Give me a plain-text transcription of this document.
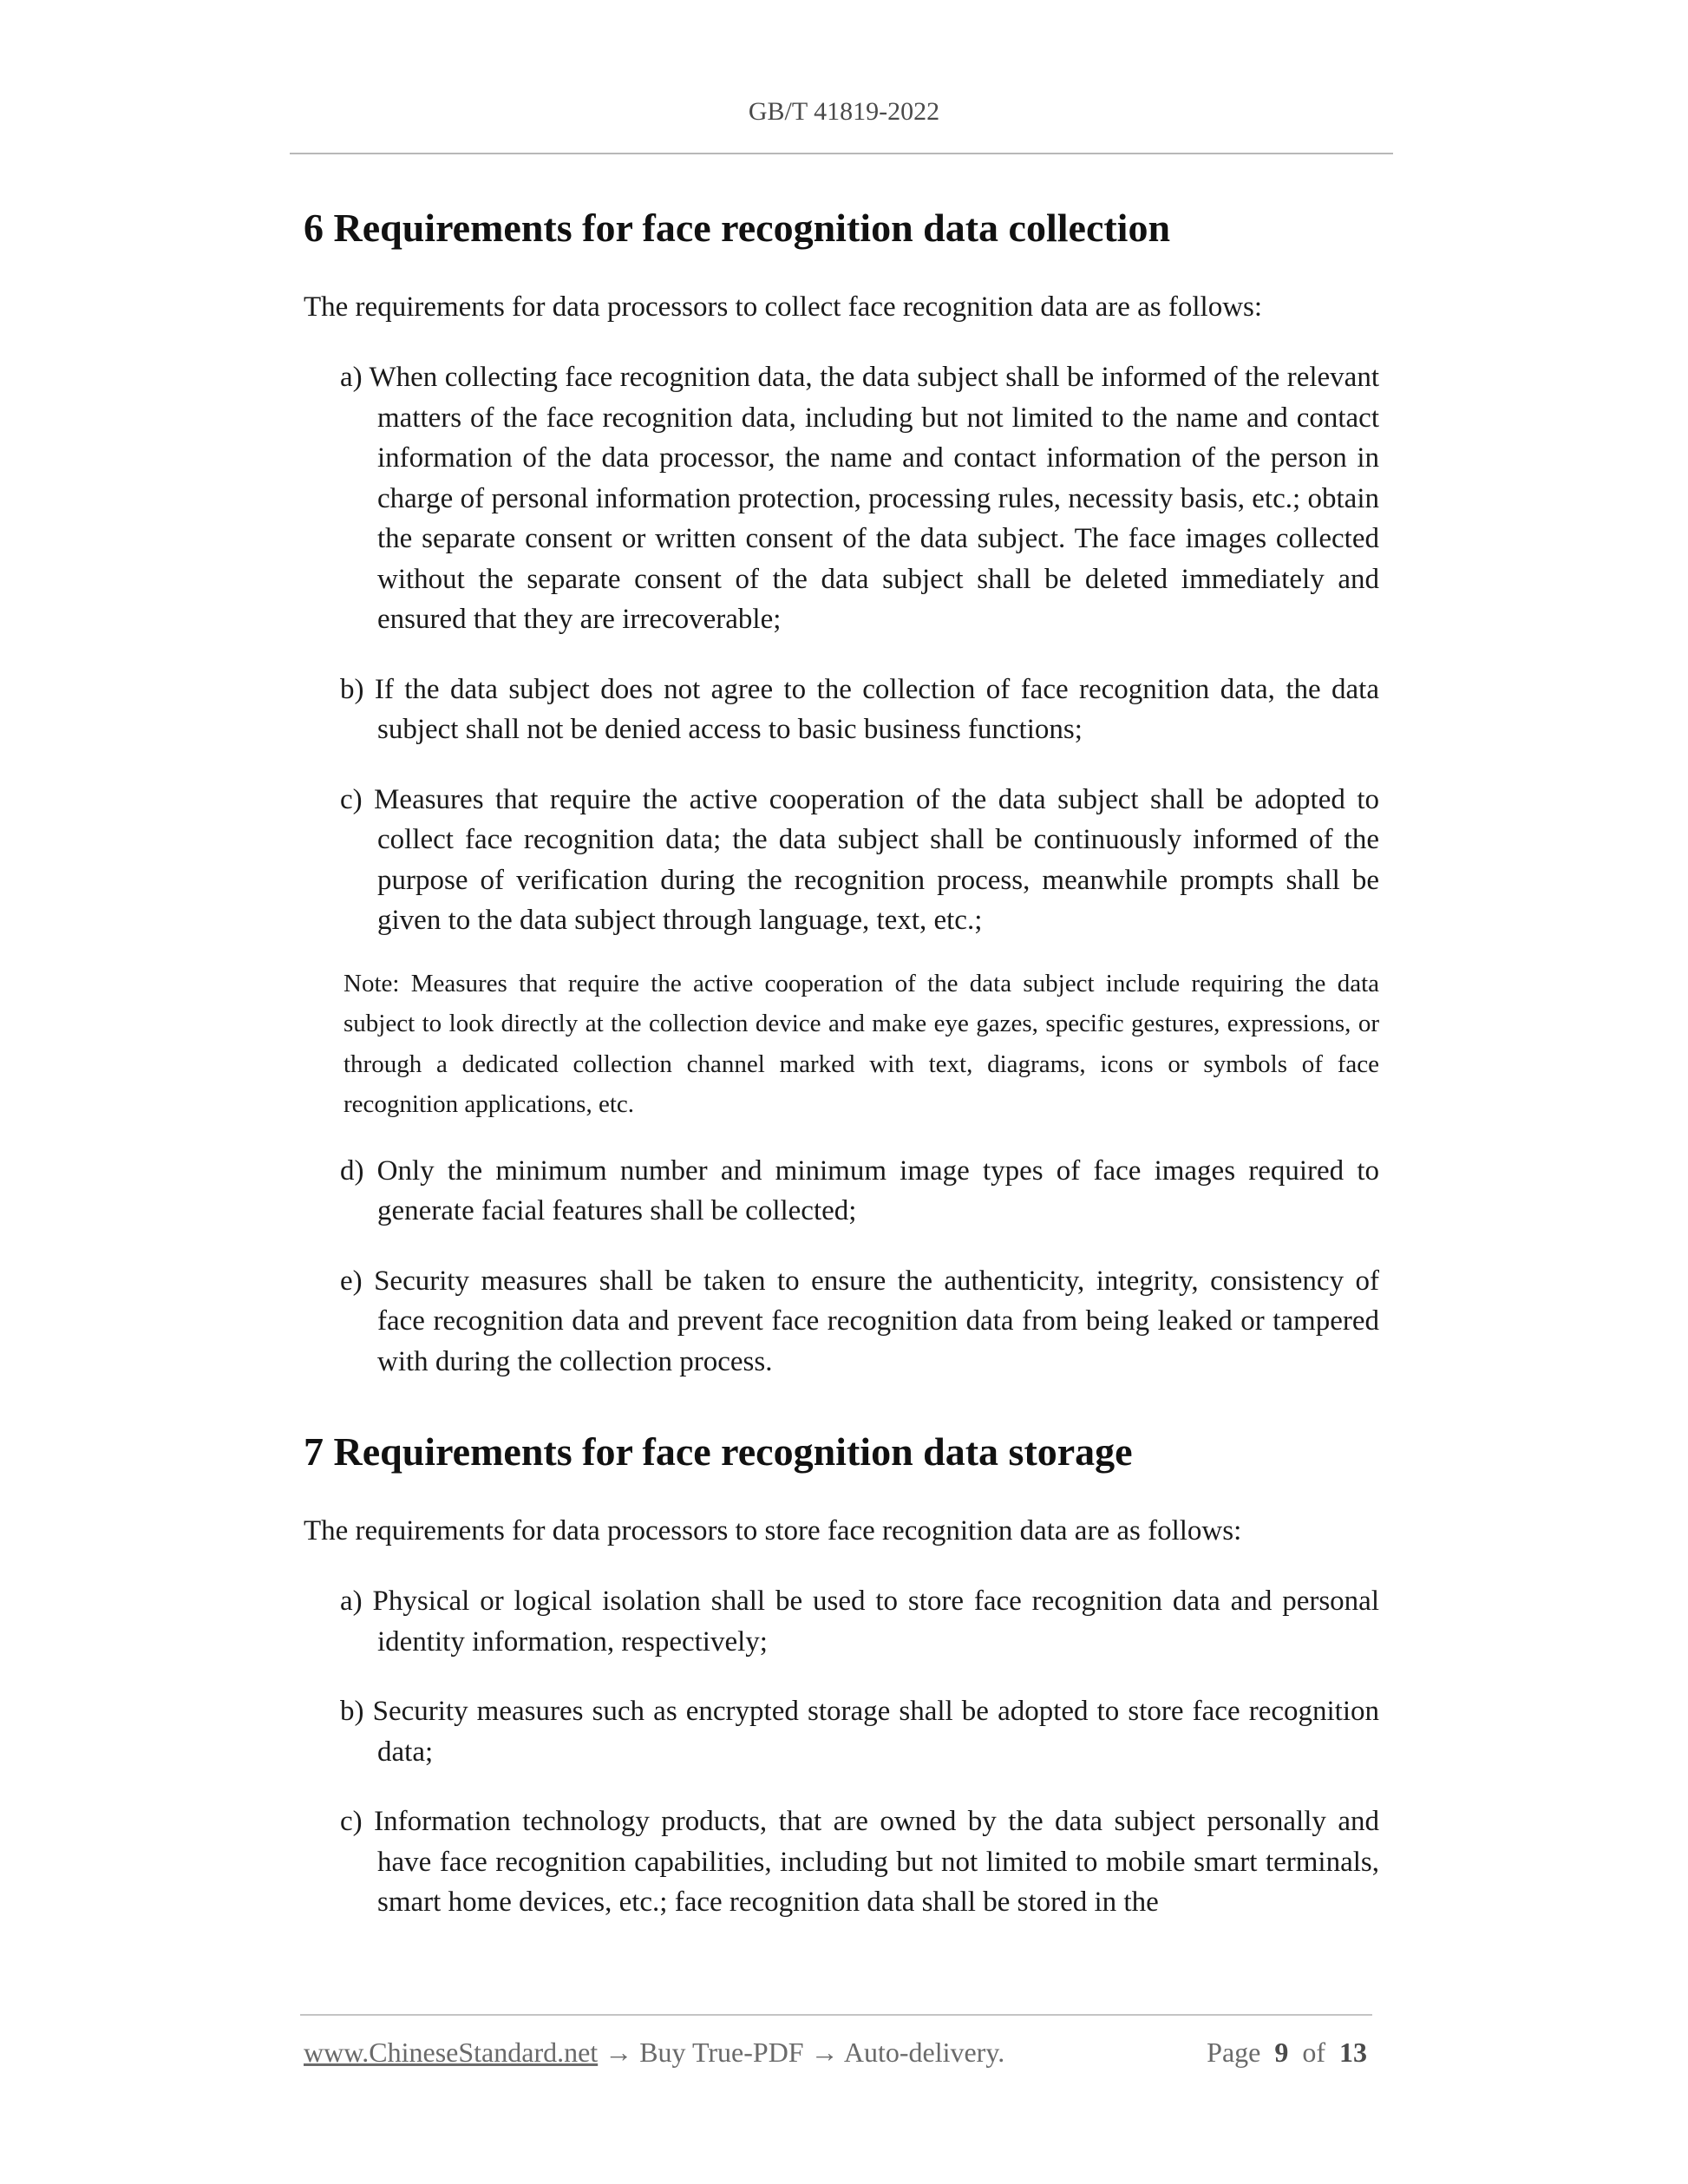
GB/T 41819-2022
6 Requirements for face recognition data collection

The requirements for data processors to collect face recognition data are as follows:

a) When collecting face recognition data, the data subject shall be informed of the relevant matters of the face recognition data, including but not limited to the name and contact information of the data processor, the name and contact information of the person in charge of personal information protection, processing rules, necessity basis, etc.; obtain the separate consent or written consent of the data subject. The face images collected without the separate consent of the data subject shall be deleted immediately and ensured that they are irrecoverable;

b) If the data subject does not agree to the collection of face recognition data, the data subject shall not be denied access to basic business functions;

c) Measures that require the active cooperation of the data subject shall be adopted to collect face recognition data; the data subject shall be continuously informed of the purpose of verification during the recognition process, meanwhile prompts shall be given to the data subject through language, text, etc.;

Note: Measures that require the active cooperation of the data subject include requiring the data subject to look directly at the collection device and make eye gazes, specific gestures, expressions, or through a dedicated collection channel marked with text, diagrams, icons or symbols of face recognition applications, etc.

d) Only the minimum number and minimum image types of face images required to generate facial features shall be collected;

e) Security measures shall be taken to ensure the authenticity, integrity, consistency of face recognition data and prevent face recognition data from being leaked or tampered with during the collection process.

7 Requirements for face recognition data storage

The requirements for data processors to store face recognition data are as follows:

a) Physical or logical isolation shall be used to store face recognition data and personal identity information, respectively;

b) Security measures such as encrypted storage shall be adopted to store face recognition data;

c) Information technology products, that are owned by the data subject personally and have face recognition capabilities, including but not limited to mobile smart terminals, smart home devices, etc.; face recognition data shall be stored in the

www.ChineseStandard.net → Buy True-PDF → Auto-delivery.	Page 9 of 13
